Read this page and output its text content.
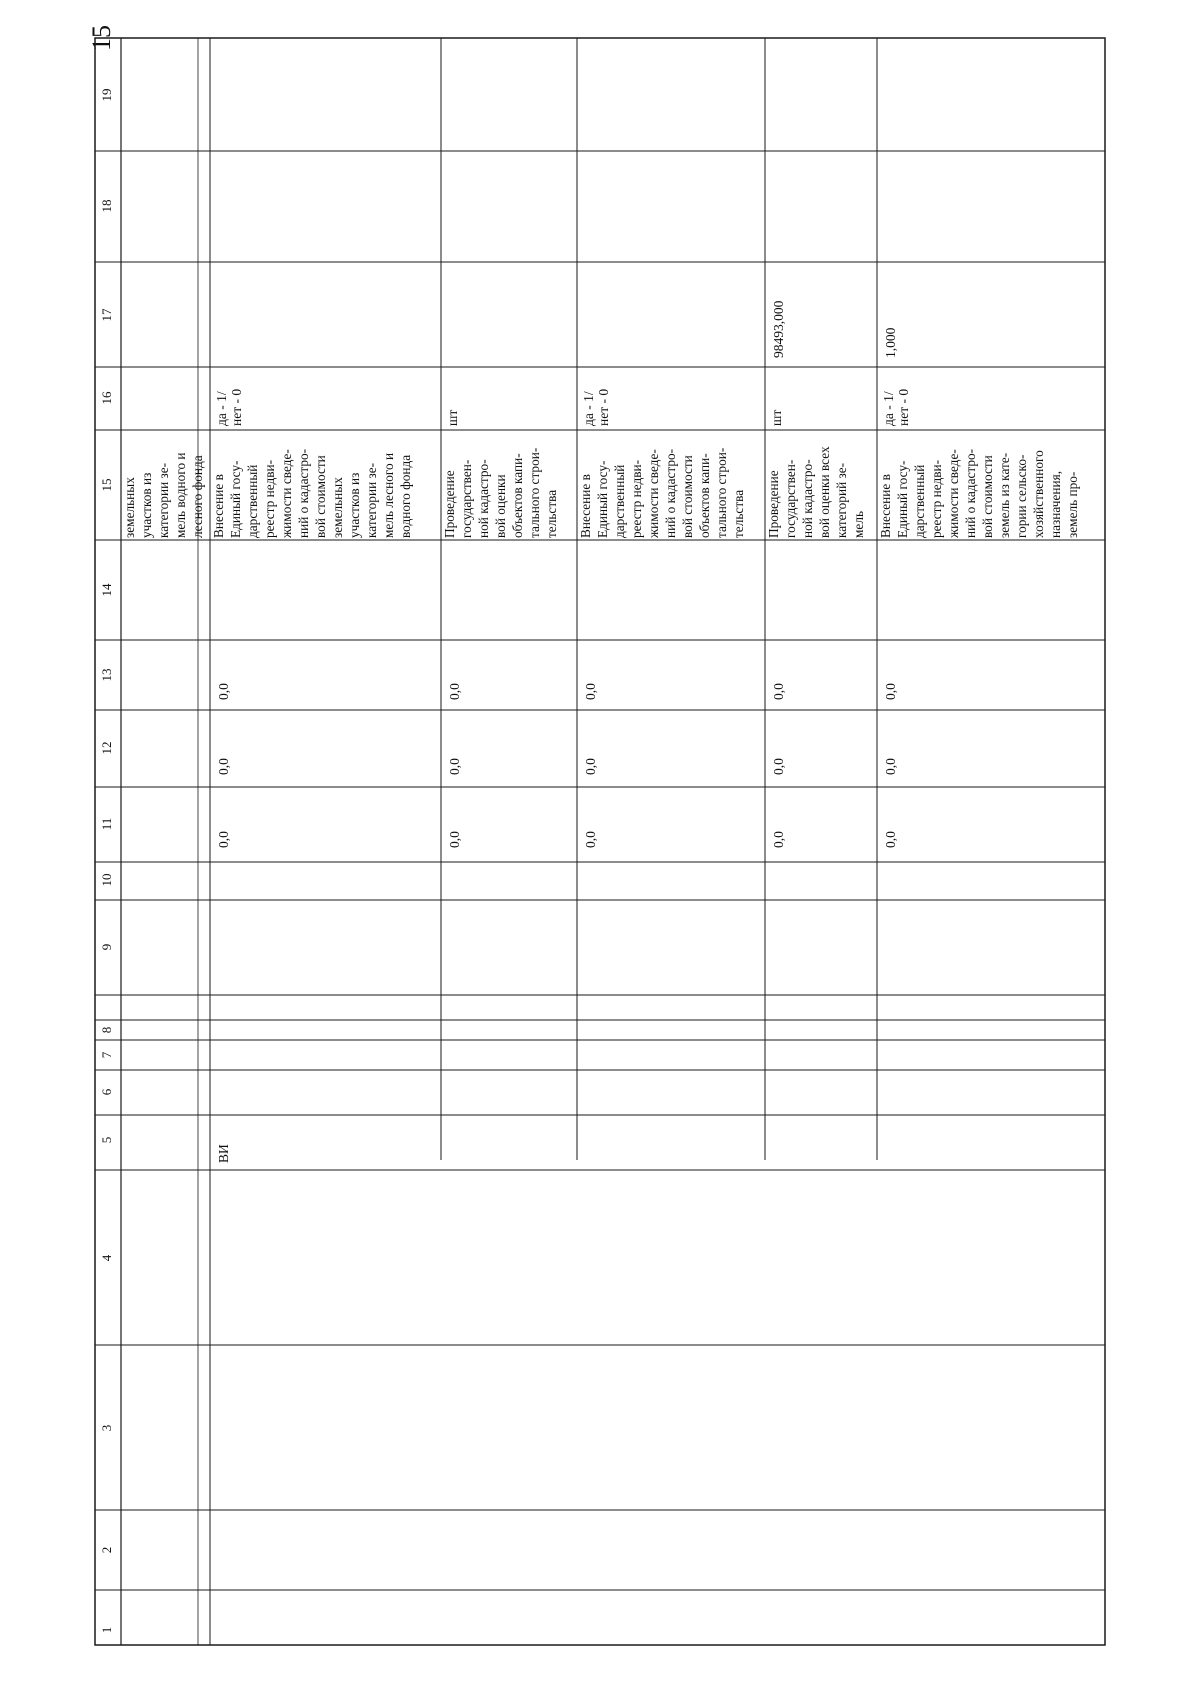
15
1
2
3
4
5
6
7
8
9
10
11
12
13
14
15
16
17
18
19
земельных участков из категории зе- мель водного и лесного фонда Внесение в Единый госу- дарственный реестр недви- жимости сведе- ний о кадастро- вой стоимости земельных участков из категории зе- мель лесного и водного фонда
да - 1/ нет - 0
0,0
0,0
0,0
ВИ
Проведение государствен- ной кадастро- вой оценки объектов капи- тального строи- тельства
шт
0,0
0,0
0,0
Внесение в Единый госу- дарственный реестр недви- жимости сведе- ний о кадастро- вой стоимости объектов капи- тального строи- тельства
да - 1/ нет - 0
0,0
0,0
0,0
Проведение государствен- ной кадастро- вой оценки всех категорий зе- мель
шт
98493,000
0,0
0,0
0,0
Внесение в Единый госу- дарственный реестр недви- жимости сведе- ний о кадастро- вой стоимости земель из кате- гории сельско- хозяйственного назначения, земель про-
да - 1/ нет - 0
1,000
0,0
0,0
0,0
